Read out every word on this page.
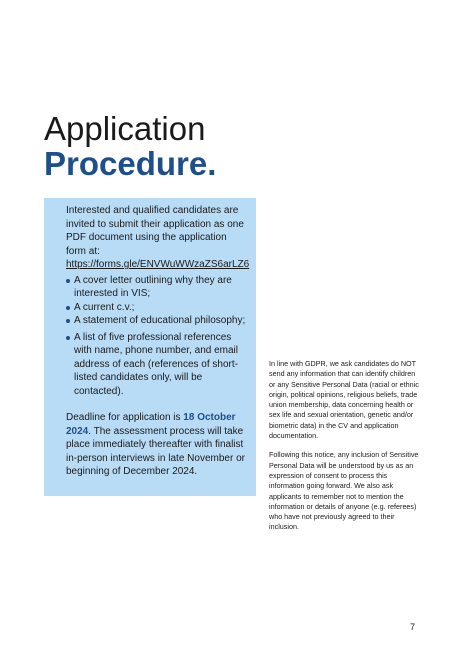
Application
Procedure.

Interested and qualified candidates are invited to submit their application as one PDF document using the application form at:
https://forms.gle/ENVWuWWzaZS6arLZ6

A cover letter outlining why they are interested in VIS;
A current c.v.;
A statement of educational philosophy;
A list of five professional references with name, phone number, and email address of each (references of short-listed candidates only, will be contacted).

Deadline for application is 18 October 2024. The assessment process will take place immediately thereafter with finalist in-person interviews in late November or beginning of December 2024.

In line with GDPR, we ask candidates do NOT send any information that can identify children or any Sensitive Personal Data (racial or ethnic origin, political opinions, religious beliefs, trade union membership, data concerning health or sex life and sexual orientation, genetic and/or biometric data) in the CV and application documentation.

Following this notice, any inclusion of Sensitive Personal Data will be understood by us as an expression of consent to process this information going forward. We also ask applicants to remember not to mention the information or details of anyone (e.g. referees) who have not previously agreed to their inclusion.

7
